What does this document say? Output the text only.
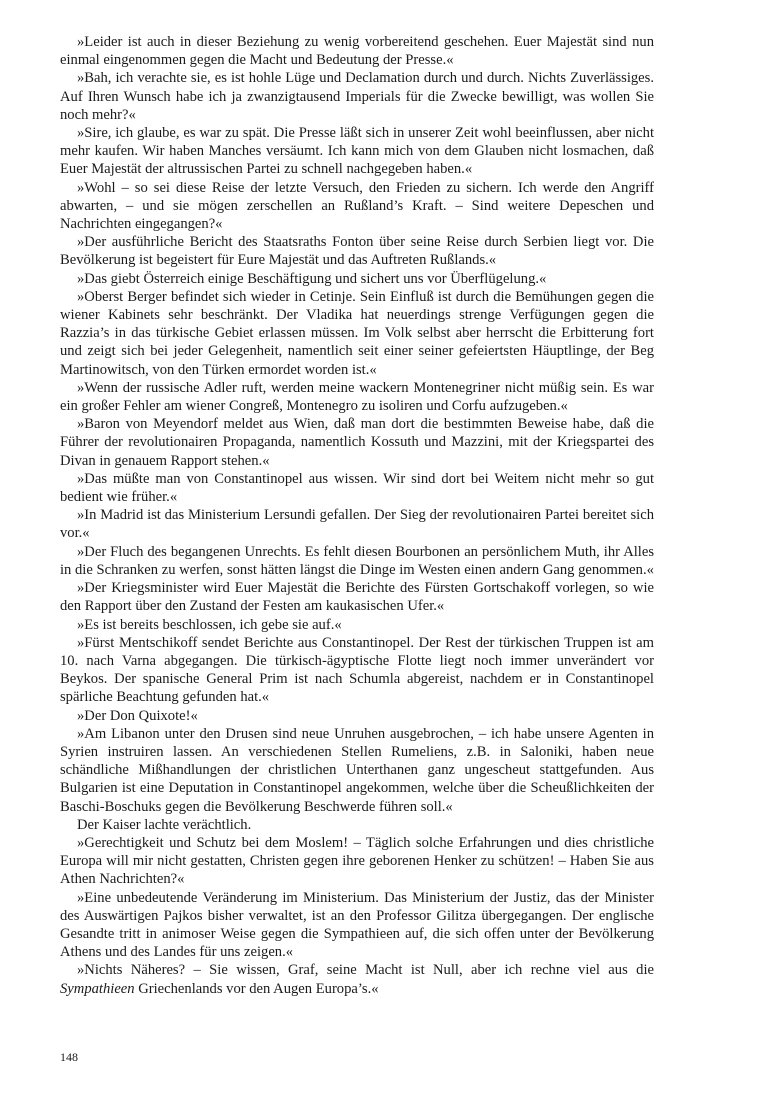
»Leider ist auch in dieser Beziehung zu wenig vorbereitend geschehen. Euer Majestät sind nun einmal eingenommen gegen die Macht und Bedeutung der Presse.«

»Bah, ich verachte sie, es ist hohle Lüge und Declamation durch und durch. Nichts Zuverlässiges. Auf Ihren Wunsch habe ich ja zwanzigtausend Imperials für die Zwecke bewilligt, was wollen Sie noch mehr?«

»Sire, ich glaube, es war zu spät. Die Presse läßt sich in unserer Zeit wohl beeinflussen, aber nicht mehr kaufen. Wir haben Manches versäumt. Ich kann mich von dem Glauben nicht losmachen, daß Euer Majestät der altrussischen Partei zu schnell nachgegeben haben.«

»Wohl – so sei diese Reise der letzte Versuch, den Frieden zu sichern. Ich werde den Angriff abwarten, – und sie mögen zerschellen an Rußland’s Kraft. – Sind weitere Depeschen und Nachrichten eingegangen?«

»Der ausführliche Bericht des Staatsraths Fonton über seine Reise durch Serbien liegt vor. Die Bevölkerung ist begeistert für Eure Majestät und das Auftreten Rußlands.«

»Das giebt Österreich einige Beschäftigung und sichert uns vor Überflügelung.«

»Oberst Berger befindet sich wieder in Cetinje. Sein Einfluß ist durch die Bemühungen gegen die wiener Kabinets sehr beschränkt. Der Vladika hat neuerdings strenge Verfügungen gegen die Razzia’s in das türkische Gebiet erlassen müssen. Im Volk selbst aber herrscht die Erbitterung fort und zeigt sich bei jeder Gelegenheit, namentlich seit einer seiner gefeiertsten Häuptlinge, der Beg Martinowitsch, von den Türken ermordet worden ist.«

»Wenn der russische Adler ruft, werden meine wackern Montenegriner nicht müßig sein. Es war ein großer Fehler am wiener Congreß, Montenegro zu isoliren und Corfu aufzugeben.«

»Baron von Meyendorf meldet aus Wien, daß man dort die bestimmten Beweise habe, daß die Führer der revolutionairen Propaganda, namentlich Kossuth und Mazzini, mit der Kriegspartei des Divan in genauem Rapport stehen.«

»Das müßte man von Constantinopel aus wissen. Wir sind dort bei Weitem nicht mehr so gut bedient wie früher.«

»In Madrid ist das Ministerium Lersundi gefallen. Der Sieg der revolutionairen Partei bereitet sich vor.«

»Der Fluch des begangenen Unrechts. Es fehlt diesen Bourbonen an persönlichem Muth, ihr Alles in die Schranken zu werfen, sonst hätten längst die Dinge im Westen einen andern Gang genommen.«

»Der Kriegsminister wird Euer Majestät die Berichte des Fürsten Gortschakoff vorlegen, so wie den Rapport über den Zustand der Festen am kaukasischen Ufer.«

»Es ist bereits beschlossen, ich gebe sie auf.«

»Fürst Mentschikoff sendet Berichte aus Constantinopel. Der Rest der türkischen Truppen ist am 10. nach Varna abgegangen. Die türkisch-ägyptische Flotte liegt noch immer unverändert vor Beykos. Der spanische General Prim ist nach Schumla abgereist, nachdem er in Constantinopel spärliche Beachtung gefunden hat.«

»Der Don Quixote!«

»Am Libanon unter den Drusen sind neue Unruhen ausgebrochen, – ich habe unsere Agenten in Syrien instruiren lassen. An verschiedenen Stellen Rumeliens, z.B. in Saloniki, haben neue schändliche Mißhandlungen der christlichen Unterthanen ganz ungescheut stattgefunden. Aus Bulgarien ist eine Deputation in Constantinopel angekommen, welche über die Scheußlichkeiten der Baschi-Boschuks gegen die Bevölkerung Beschwerde führen soll.«

Der Kaiser lachte verächtlich.

»Gerechtigkeit und Schutz bei dem Moslem! – Täglich solche Erfahrungen und dies christliche Europa will mir nicht gestatten, Christen gegen ihre geborenen Henker zu schützen! – Haben Sie aus Athen Nachrichten?«

»Eine unbedeutende Veränderung im Ministerium. Das Ministerium der Justiz, das der Minister des Auswärtigen Pajkos bisher verwaltet, ist an den Professor Gilitza übergegangen. Der englische Gesandte tritt in animoser Weise gegen die Sympathieen auf, die sich offen unter der Bevölkerung Athens und des Landes für uns zeigen.«

»Nichts Näheres? – Sie wissen, Graf, seine Macht ist Null, aber ich rechne viel aus die Sympathieen Griechenlands vor den Augen Europa’s.«

148
